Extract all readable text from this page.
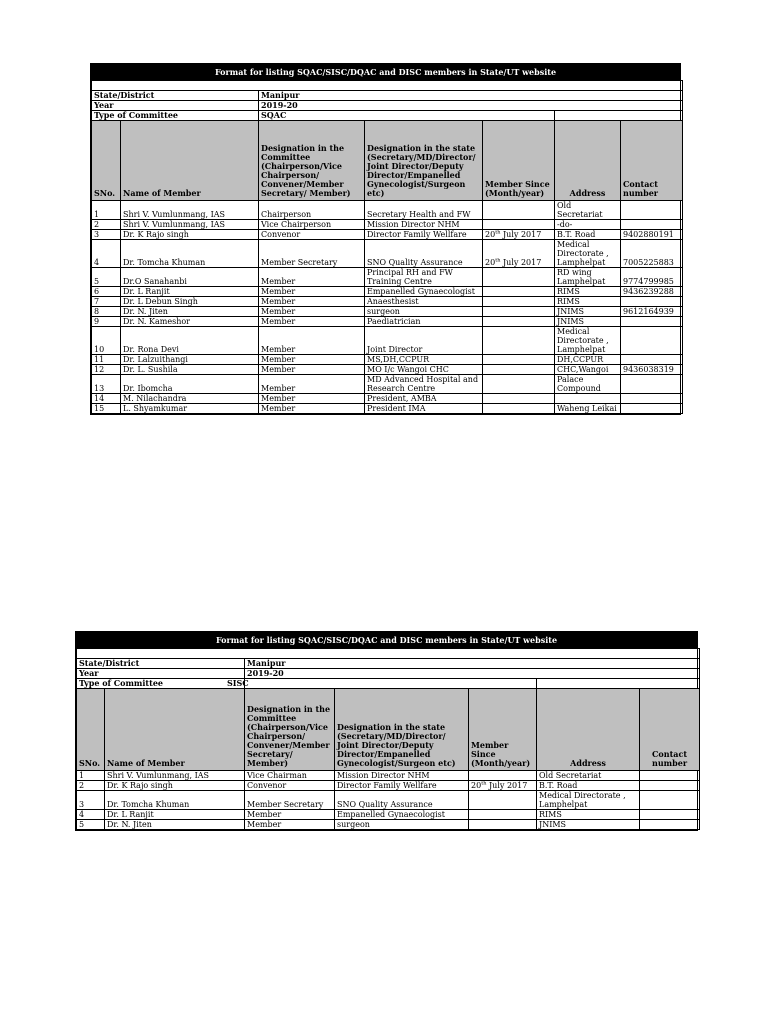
Format for listing SQAC/SISC/DQAC and DISC members in State/UT website

State/District		Manipur				
Year		2019-20				
Type of Committee		SQAC				
SNo.	Name of Member	Designation in the Committee (Chairperson/Vice Chairperson/ Convener/Member Secretary/ Member)	Designation in the state (Secretary/MD/Director/ Joint Director/Deputy Director/Empanelled Gynecologist/Surgeon etc)	Member Since (Month/year)	Address	Contact number
1	Shri V. Vumlunmang, IAS	Chairperson	Secretary Health and FW		Old Secretariat	
2	Shri V. Vumlunmang, IAS	Vice Chairperson	Mission Director NHM		-do-	
3	Dr. K Rajo singh	Convenor	Director Family Wellfare	20th July 2017	B.T. Road	9402880191
4	Dr. Tomcha Khuman	Member Secretary	SNO Quality Assurance	20th July 2017	Medical Directorate , Lamphelpat	7005225883
5	Dr.O Sanahanbi	Member	Principal RH and FW Training Centre		RD wing Lamphelpat	9774799985
6	Dr. L Ranjit	Member	Empanelled Gynaecologist		RIMS	9436239288
7	Dr. L Debun Singh	Member	Anaesthesist		RIMS	
8	Dr. N. Jiten	Member	surgeon		JNIMS	9612164939
9	Dr. N. Kameshor	Member	Paediatrician		JNIMS	
10	Dr. Rona Devi	Member	Joint Director		Medical Directorate , Lamphelpat	
11	Dr. Lalzuithangi	Member	MS,DH,CCPUR		DH,CCPUR	
12	Dr. L. Sushila	Member	MO I/c Wangoi CHC		CHC,Wangoi	9436038319
13	Dr. Ibomcha	Member	MD Advanced Hospital and Research Centre		Palace Compound	
14	M. Nilachandra	Member	President, AMBA			
15	L. Shyamkumar	Member	President IMA		Waheng Leikai	
Format for listing SQAC/SISC/DQAC and DISC members in State/UT website

State/District		Manipur				
Year		2019-20				
Type of Committee SISC						

SNo.	Name of Member	Designation in the Committee (Chairperson/Vice Chairperson/ Convener/Member Secretary/ Member)	Designation in the state (Secretary/MD/Director/ Joint Director/Deputy Director/Empanelled Gynecologist/Surgeon etc)	Member Since (Month/year)	Address	Contact number
1	Shri V. Vumlunmang, IAS	Vice Chairman	Mission Director NHM		Old Secretariat	
2	Dr. K Rajo singh	Convenor	Director Family Wellfare	20th July 2017	B.T. Road	
3	Dr. Tomcha Khuman	Member Secretary	SNO Quality Assurance		Medical Directorate , Lamphelpat	
4	Dr. L Ranjit	Member	Empanelled Gynaecologist		RIMS	
5	Dr. N. Jiten	Member	surgeon		JNIMS	
